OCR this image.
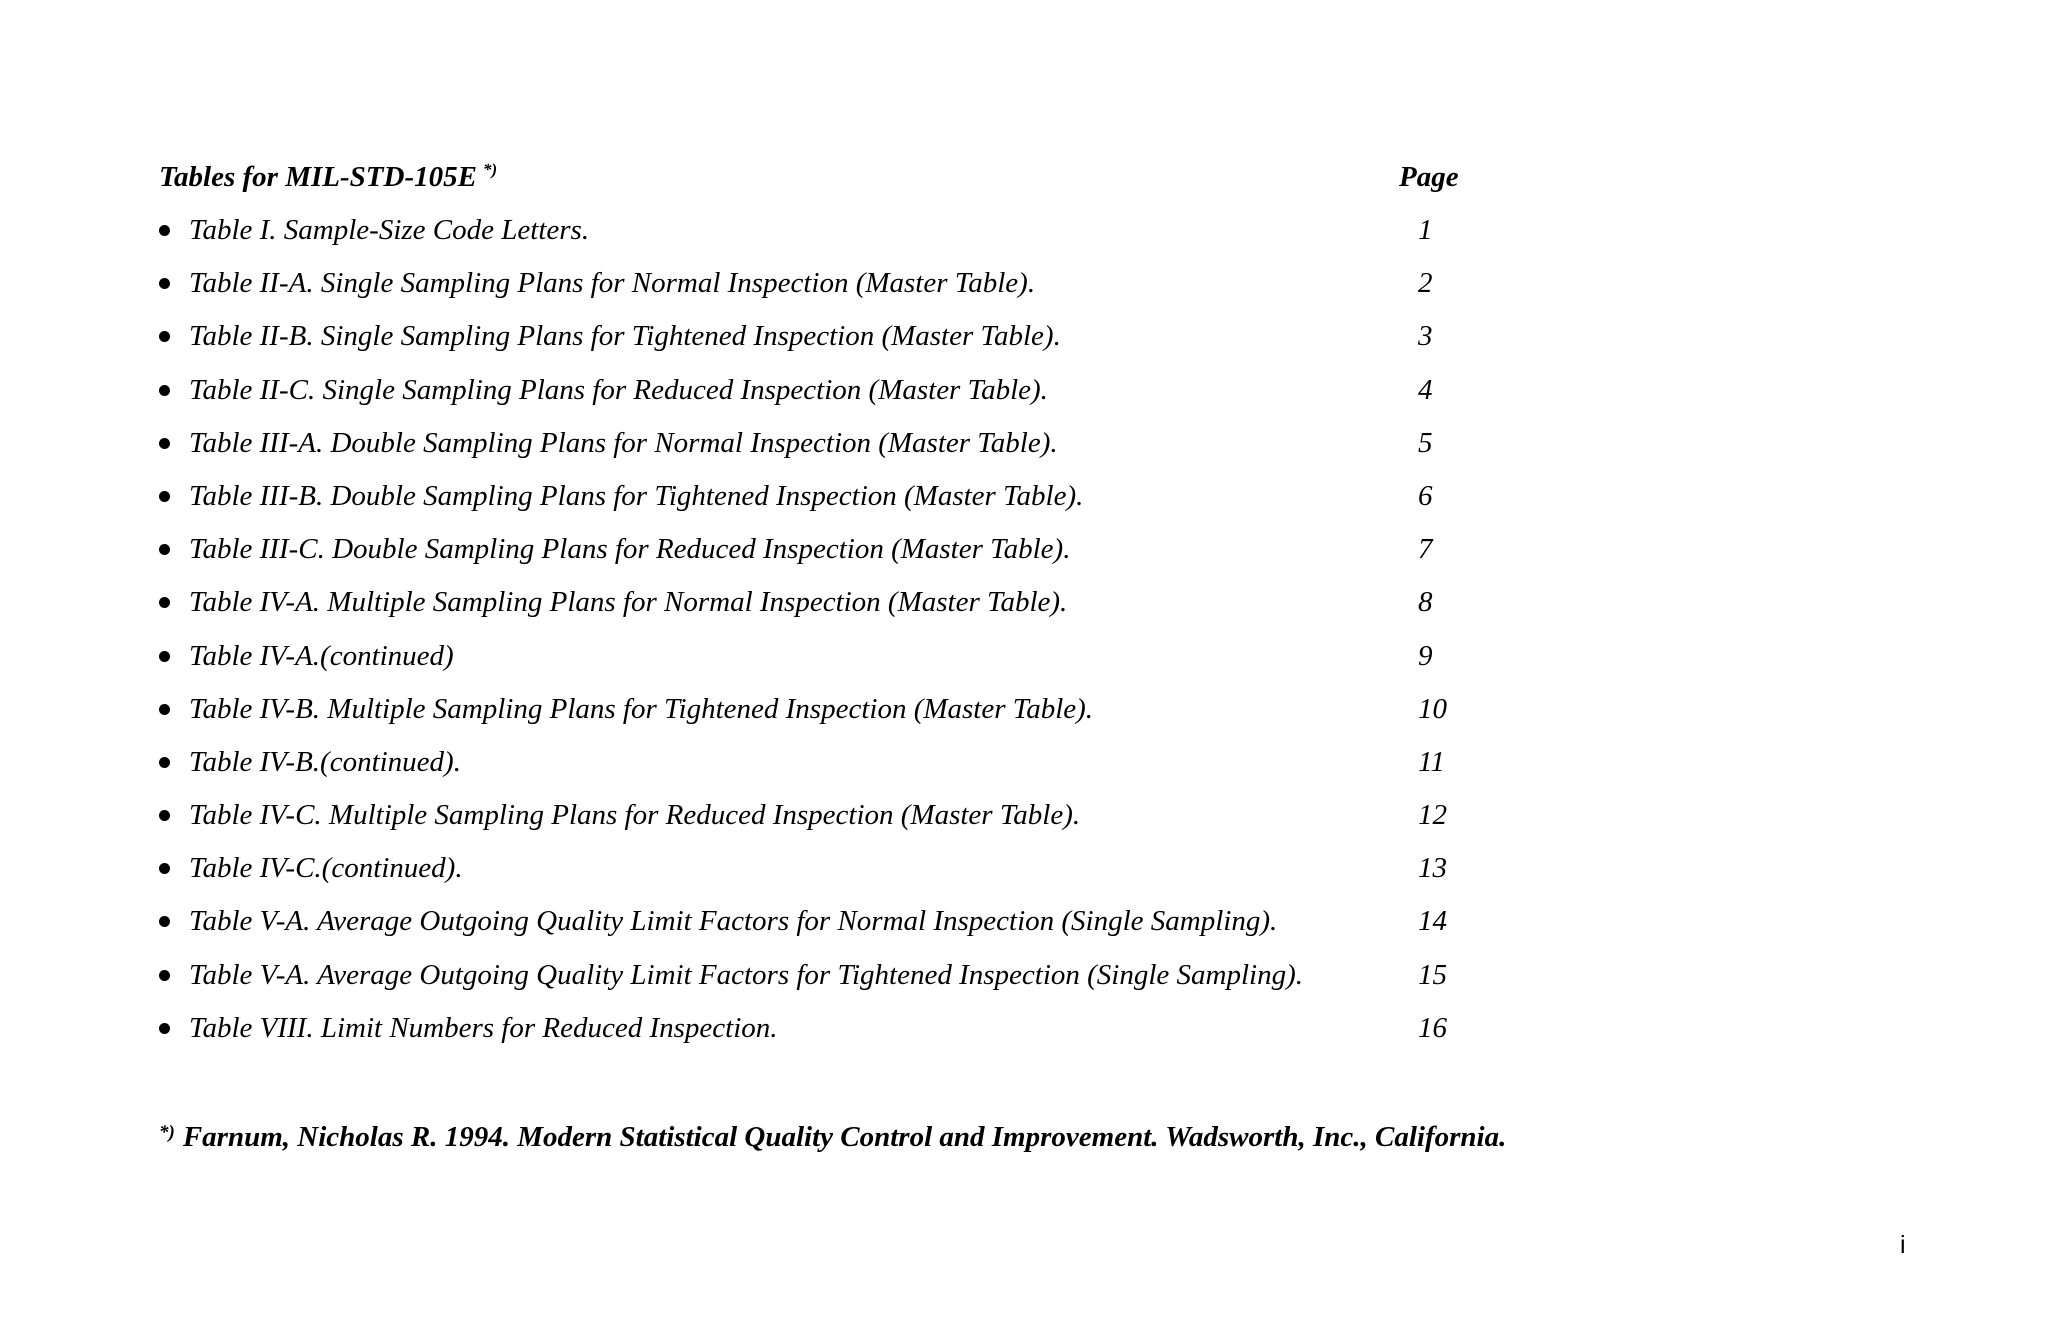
Tables for MIL-STD-105E *)	Page
Table I. Sample-Size Code Letters.	1
Table II-A. Single Sampling Plans for Normal Inspection (Master Table).	2
Table II-B. Single Sampling Plans for Tightened Inspection (Master Table).	3
Table II-C. Single Sampling Plans for Reduced Inspection (Master Table).	4
Table III-A. Double Sampling Plans for Normal Inspection (Master Table).	5
Table III-B. Double Sampling Plans for Tightened Inspection (Master Table).	6
Table III-C. Double Sampling Plans for Reduced Inspection (Master Table).	7
Table IV-A. Multiple Sampling Plans for Normal Inspection (Master Table).	8
Table IV-A.(continued)	9
Table IV-B. Multiple Sampling Plans for Tightened Inspection (Master Table).	10
Table IV-B.(continued).	11
Table IV-C. Multiple Sampling Plans for Reduced Inspection (Master Table).	12
Table IV-C.(continued).	13
Table V-A. Average Outgoing Quality Limit Factors for Normal Inspection (Single Sampling).	14
Table V-A. Average Outgoing Quality Limit Factors for Tightened Inspection (Single Sampling).	15
Table VIII. Limit Numbers for Reduced Inspection.	16
*) Farnum, Nicholas R. 1994. Modern Statistical Quality Control and Improvement. Wadsworth, Inc., California.
i
